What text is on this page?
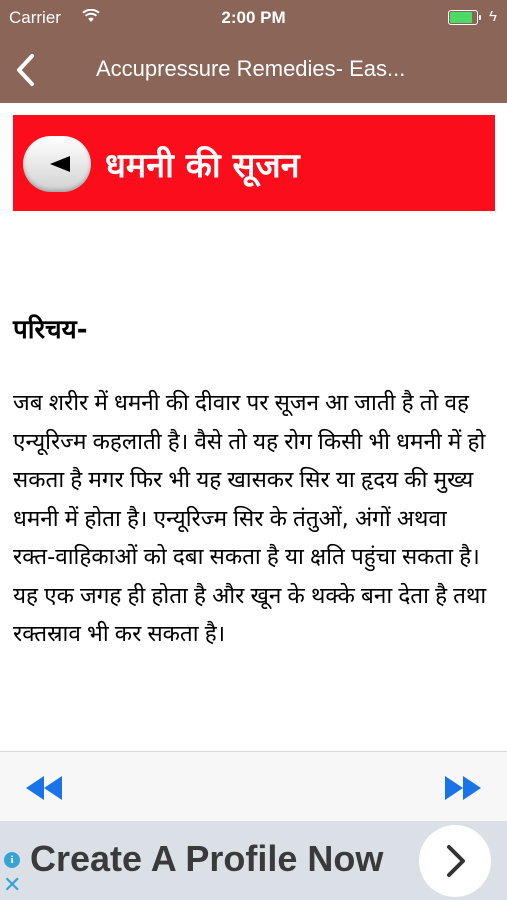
Carrier	2:00 PM	ϟ
Accupressure Remedies- Eas...
धमनी की सूजन
परिचय-
जब शरीर में धमनी की दीवार पर सूजन आ जाती है तो वह एन्यूरिज्म कहलाती है। वैसे तो यह रोग किसी भी धमनी में हो सकता है मगर फिर भी यह खासकर सिर या हृदय की मुख्य धमनी में होता है। एन्यूरिज्म सिर के तंतुओं, अंगों अथवा रक्त-वाहिकाओं को दबा सकता है या क्षति पहुंचा सकता है। यह एक जगह ही होता है और खून के थक्के बना देता है तथा रक्तस्राव भी कर सकता है।
i
✕
Create A Profile Now
